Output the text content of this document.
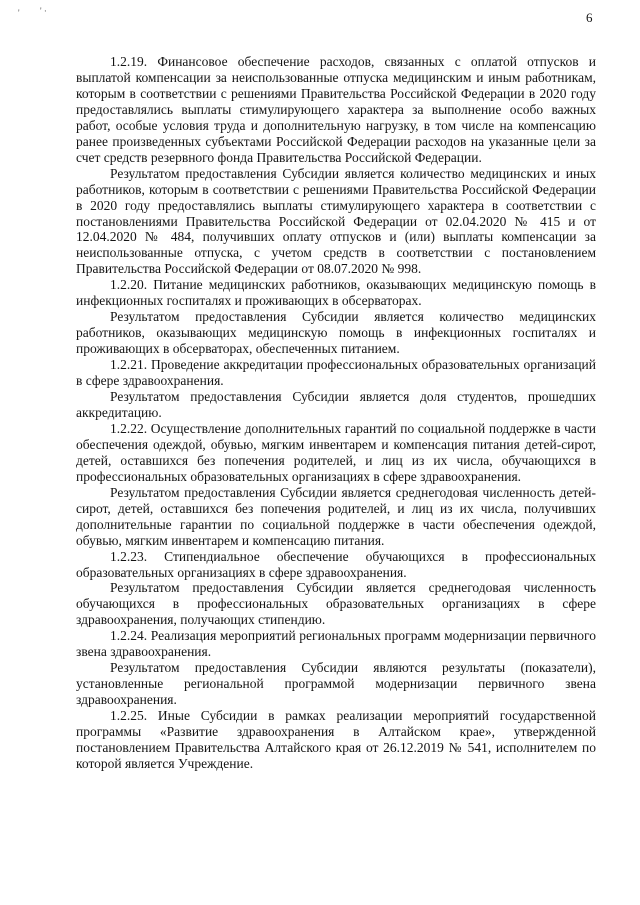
' ' ·	6

1.2.19. Финансовое обеспечение расходов, связанных с оплатой отпусков и выплатой компенсации за неиспользованные отпуска медицинским и иным работникам, которым в соответствии с решениями Правительства Российской Федерации в 2020 году предоставлялись выплаты стимулирующего характера за выполнение особо важных работ, особые условия труда и дополнительную нагрузку, в том числе на компенсацию ранее произведенных субъектами Российской Федерации расходов на указанные цели за счет средств резервного фонда Правительства Российской Федерации.

Результатом предоставления Субсидии является количество медицинских и иных работников, которым в соответствии с решениями Правительства Российской Федерации в 2020 году предоставлялись выплаты стимулирующего характера в соответствии с постановлениями Правительства Российской Федерации от 02.04.2020 № 415 и от 12.04.2020 № 484, получивших оплату отпусков и (или) выплаты компенсации за неиспользованные отпуска, с учетом средств в соответствии с постановлением Правительства Российской Федерации от 08.07.2020 № 998.

1.2.20. Питание медицинских работников, оказывающих медицинскую помощь в инфекционных госпиталях и проживающих в обсерваторах.

Результатом предоставления Субсидии является количество медицинских работников, оказывающих медицинскую помощь в инфекционных госпиталях и проживающих в обсерваторах, обеспеченных питанием.

1.2.21. Проведение аккредитации профессиональных образовательных организаций в сфере здравоохранения.

Результатом предоставления Субсидии является доля студентов, прошедших аккредитацию.

1.2.22. Осуществление дополнительных гарантий по социальной поддержке в части обеспечения одеждой, обувью, мягким инвентарем и компенсация питания детей-сирот, детей, оставшихся без попечения родителей, и лиц из их числа, обучающихся в профессиональных образовательных организациях в сфере здравоохранения.

Результатом предоставления Субсидии является среднегодовая численность детей-сирот, детей, оставшихся без попечения родителей, и лиц из их числа, получивших дополнительные гарантии по социальной поддержке в части обеспечения одеждой, обувью, мягким инвентарем и компенсацию питания.

1.2.23. Стипендиальное обеспечение обучающихся в профессиональных образовательных организациях в сфере здравоохранения.

Результатом предоставления Субсидии является среднегодовая численность обучающихся в профессиональных образовательных организациях в сфере здравоохранения, получающих стипендию.

1.2.24. Реализация мероприятий региональных программ модернизации первичного звена здравоохранения.

Результатом предоставления Субсидии являются результаты (показатели), установленные региональной программой модернизации первичного звена здравоохранения.

1.2.25. Иные Субсидии в рамках реализации мероприятий государственной программы «Развитие здравоохранения в Алтайском крае», утвержденной постановлением Правительства Алтайского края от 26.12.2019 № 541, исполнителем по которой является Учреждение.
